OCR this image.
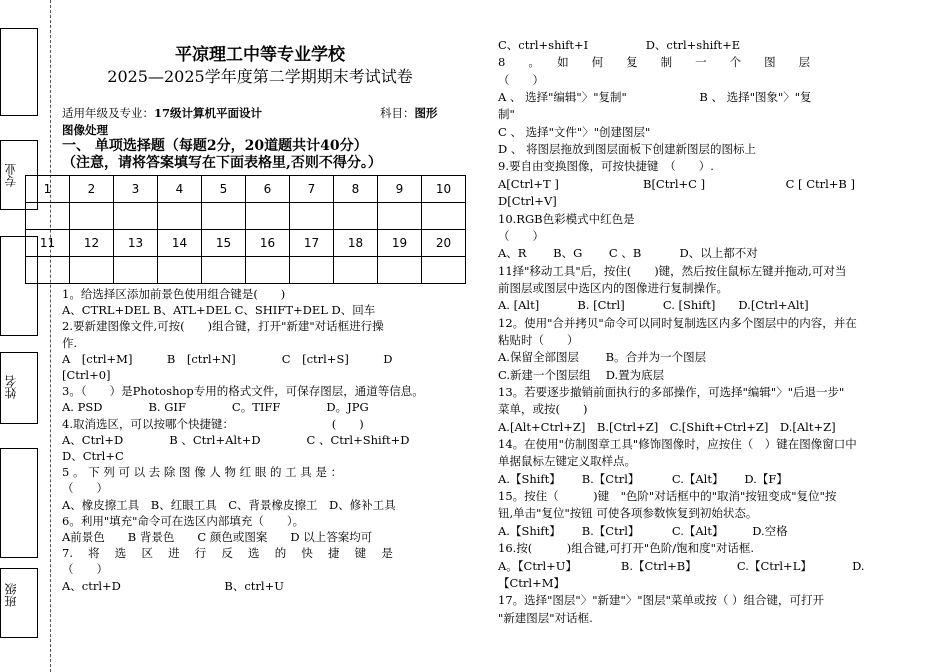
专业
姓名
班级
平凉理工中等专业学校
2025—2025学年度第二学期期末考试试卷
适用年级及专业：17级计算机平面设计	科目：图形
图像处理
一、 单项选择题（每题2分，20道题共计40分）
（注意，请将答案填写在下面表格里,否则不得分。）
1	2	3	4	5	6	7	8	9	10

11	12	13	14	15	16	17	18	19	20

1。给选择区添加前景色使用组合键是(　　)
A、CTRL+DEL B、ATL+DEL C、SHIFT+DEL D、回车
2.要新建图像文件,可按(　　)组合键，打开"新建"对话框进行操
作.
A　[ctrl+M]　　　B　[ctrl+N]　　　　C　[ctrl+S]　　　D
[Ctrl+0]
3。（　　）是Photoshop专用的格式文件，可保存图层，通道等信息。
A. PSD　　　　B. GIF　　　　C。TIFF　　　　D。JPG
4.取消选区，可以按哪个快捷键：　　　　　　　　　(　　)
A、Ctrl+D　　　　B 、Ctrl+Alt+D　　　　C 、Ctrl+Shift+D
D、Ctrl+C
5 。 下 列 可 以 去 除 图 像 人 物 红 眼 的 工 具 是 ：
（　　）
A、橡皮擦工具　B、红眼工具　C、背景橡皮擦工　D、修补工具
6。利用"填充"命令可在选区内部填充（　　）。
A前景色　　B 背景色　　C 颜色或图案　　D 以上答案均可
7.　 将　 选　 区　 进　 行　 反　 选　 的　 快　 捷　 键　 是
（　　）
A、ctrl+D　　　　　　　　　B、ctrl+U
C、ctrl+shift+I　　　　　D、ctrl+shift+E
8　　。　　如　　何　　复　　制　　一　　个　　图　　层
（　　）
A 、 选择"编辑"〉"复制"　　　　　　 B 、 选择"图象"〉"复
制"
C 、 选择"文件"〉"创建图层"
D 、 将图层拖放到图层面板下创建新图层的图标上
9.要自由变换图像，可按快捷键　（　　）.
A[Ctrl+T ]　　　　　　　 B[Ctrl+C ]　　　　　　　C [ Ctrl+B ]
D[Ctrl+V]
10.RGB色彩模式中红色是
（　　）
A、R　　 B、G　　 C 、B　　　 D、以上都不对
11择"移动工具"后，按住(　　)键，然后按住鼠标左键并拖动,可对当
前图层或图层中选区内的图像进行复制操作。
A. [Alt]　　　 B. [Ctrl]　　　 C. [Shift]　　D.[Ctrl+Alt]
12。使用"合并拷贝"命令可以同时复制选区内多个图层中的内容，并在
粘贴时（　　）
A.保留全部图层　　 B。合并为一个图层
C.新建一个图层组　 D.置为底层
13。若要逐步撤销前面执行的多部操作，可选择"编辑"〉"后退一步"
菜单，或按(　　)
A.[Alt+Ctrl+Z]　B.[Ctrl+Z]　C.[Shift+Ctrl+Z]　D.[Alt+Z]
14。在使用"仿制图章工具"修饰图像时，应按住（　）键在图像窗口中
单据鼠标左键定义取样点。
A.【Shift】　　 B.【Ctrl】　　　 C.【Alt】　　 D.【F】
15。按住（　　　)键　"色阶"对话框中的"取消"按钮变成"复位"按
钮,单击"复位"按钮 可使各项参数恢复到初始状态。
A.【Shift】　　 B.【Ctrl】　　　 C.【Alt】　　　D.空格
16.按(　　　)组合键,可打开"色阶/饱和度"对话框.
A。【Ctrl+U】　　　　 B.【Ctrl+B】　　　　C.【Ctrl+L】　　　　D.
【Ctrl+M】
17。选择"图层"〉"新建"〉"图层"菜单或按（ ）组合键，可打开
"新建图层"对话框.
